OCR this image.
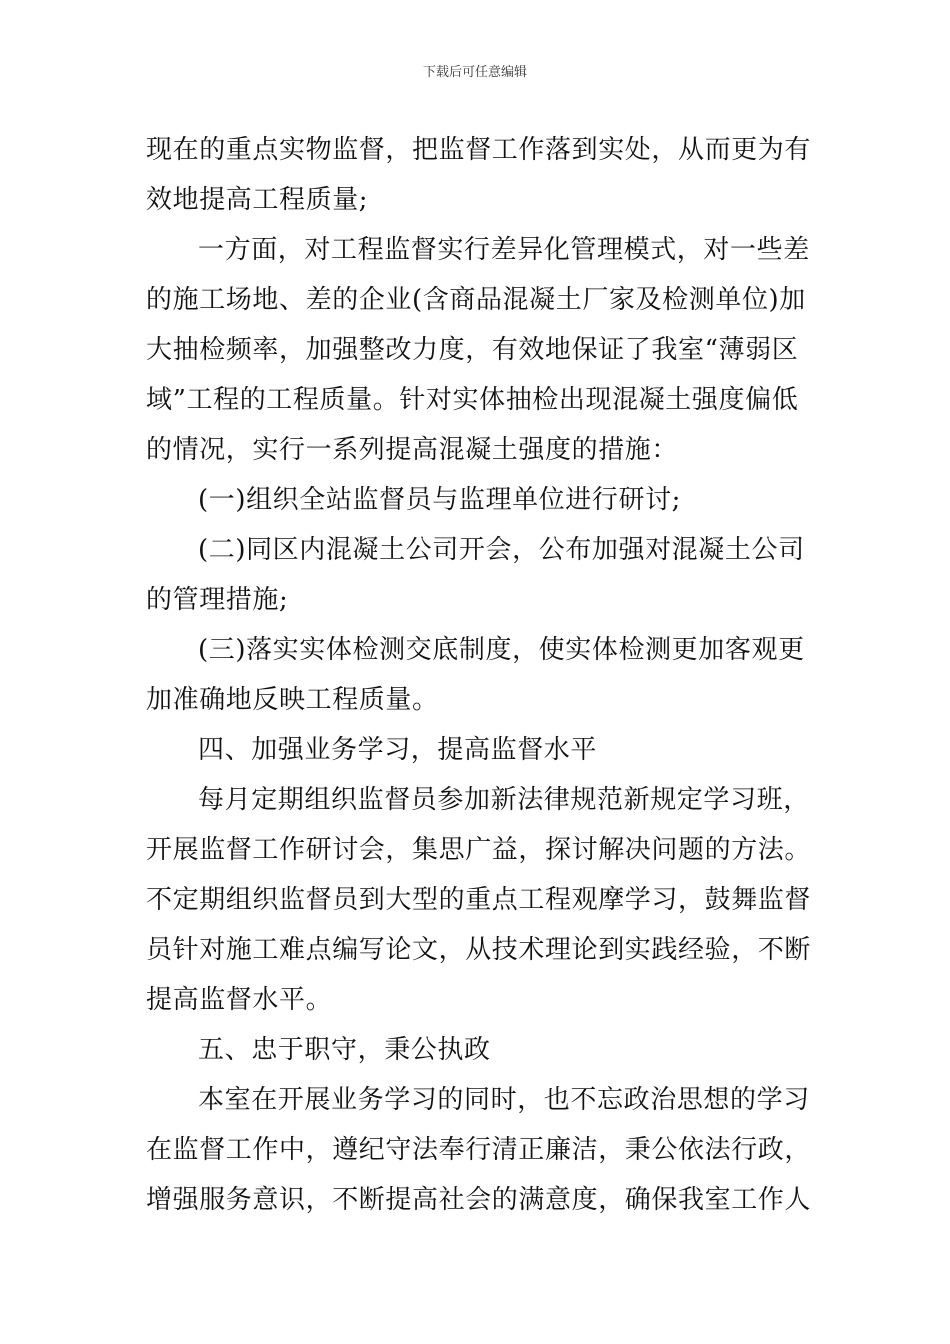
下载后可任意编辑
现在的重点实物监督，把监督工作落到实处，从而更为有
效地提高工程质量;
一方面，对工程监督实行差异化管理模式，对一些差
的施工场地、差的企业(含商品混凝土厂家及检测单位)加
大抽检频率，加强整改力度，有效地保证了我室“薄弱区
域”工程的工程质量。针对实体抽检出现混凝土强度偏低
的情况，实行一系列提高混凝土强度的措施：
(一)组织全站监督员与监理单位进行研讨;
(二)同区内混凝土公司开会，公布加强对混凝土公司
的管理措施;
(三)落实实体检测交底制度，使实体检测更加客观更
加准确地反映工程质量。
四、加强业务学习，提高监督水平
每月定期组织监督员参加新法律规范新规定学习班，
开展监督工作研讨会，集思广益，探讨解决问题的方法。
不定期组织监督员到大型的重点工程观摩学习，鼓舞监督
员针对施工难点编写论文，从技术理论到实践经验，不断
提高监督水平。
五、忠于职守，秉公执政
本室在开展业务学习的同时，也不忘政治思想的学习
在监督工作中，遵纪守法奉行清正廉洁，秉公依法行政，
增强服务意识，不断提高社会的满意度，确保我室工作人
